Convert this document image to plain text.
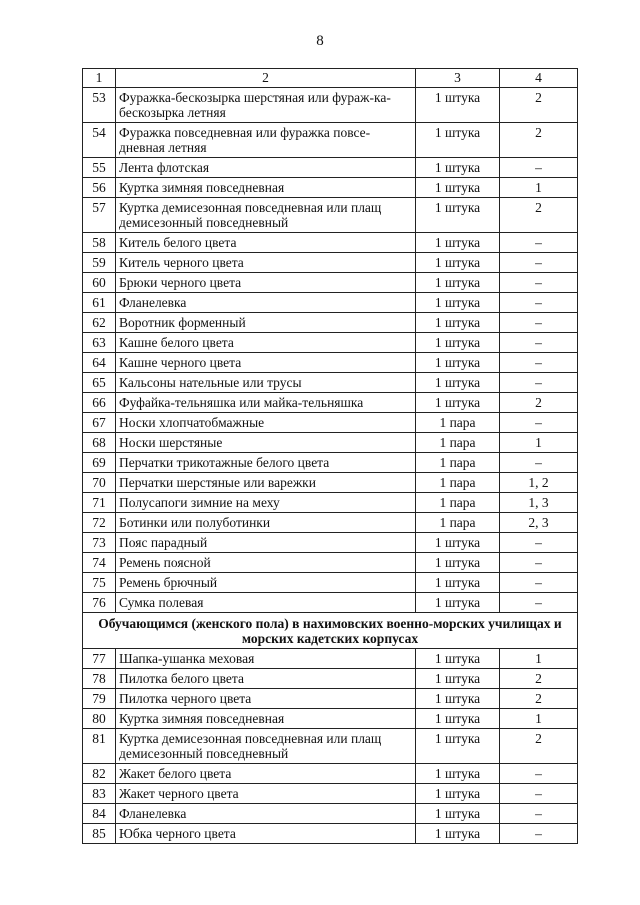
8
1	2	3	4
53	Фуражка-бескозырка шерстяная или фураж-ка-бескозырка летняя	1 штука	2
54	Фуражка повседневная или фуражка повсе-дневная летняя	1 штука	2
55	Лента флотская	1 штука	–
56	Куртка зимняя повседневная	1 штука	1
57	Куртка демисезонная повседневная или плащ демисезонный повседневный	1 штука	2
58	Китель белого цвета	1 штука	–
59	Китель черного цвета	1 штука	–
60	Брюки черного цвета	1 штука	–
61	Фланелевка	1 штука	–
62	Воротник форменный	1 штука	–
63	Кашне белого цвета	1 штука	–
64	Кашне черного цвета	1 штука	–
65	Кальсоны нательные или трусы	1 штука	–
66	Фуфайка-тельняшка или майка-тельняшка	1 штука	2
67	Носки хлопчатобмажные	1 пара	–
68	Носки шерстяные	1 пара	1
69	Перчатки трикотажные белого цвета	1 пара	–
70	Перчатки шерстяные или варежки	1 пара	1, 2
71	Полусапоги зимние на меху	1 пара	1, 3
72	Ботинки или полуботинки	1 пара	2, 3
73	Пояс парадный	1 штука	–
74	Ремень поясной	1 штука	–
75	Ремень брючный	1 штука	–
76	Сумка полевая	1 штука	–
Обучающимся (женского пола) в нахимовских военно-морских училищах и морских кадетских корпусах			
77	Шапка-ушанка меховая	1 штука	1
78	Пилотка белого цвета	1 штука	2
79	Пилотка черного цвета	1 штука	2
80	Куртка зимняя повседневная	1 штука	1
81	Куртка демисезонная повседневная или плащ демисезонный повседневный	1 штука	2
82	Жакет белого цвета	1 штука	–
83	Жакет черного цвета	1 штука	–
84	Фланелевка	1 штука	–
85	Юбка черного цвета	1 штука	–
